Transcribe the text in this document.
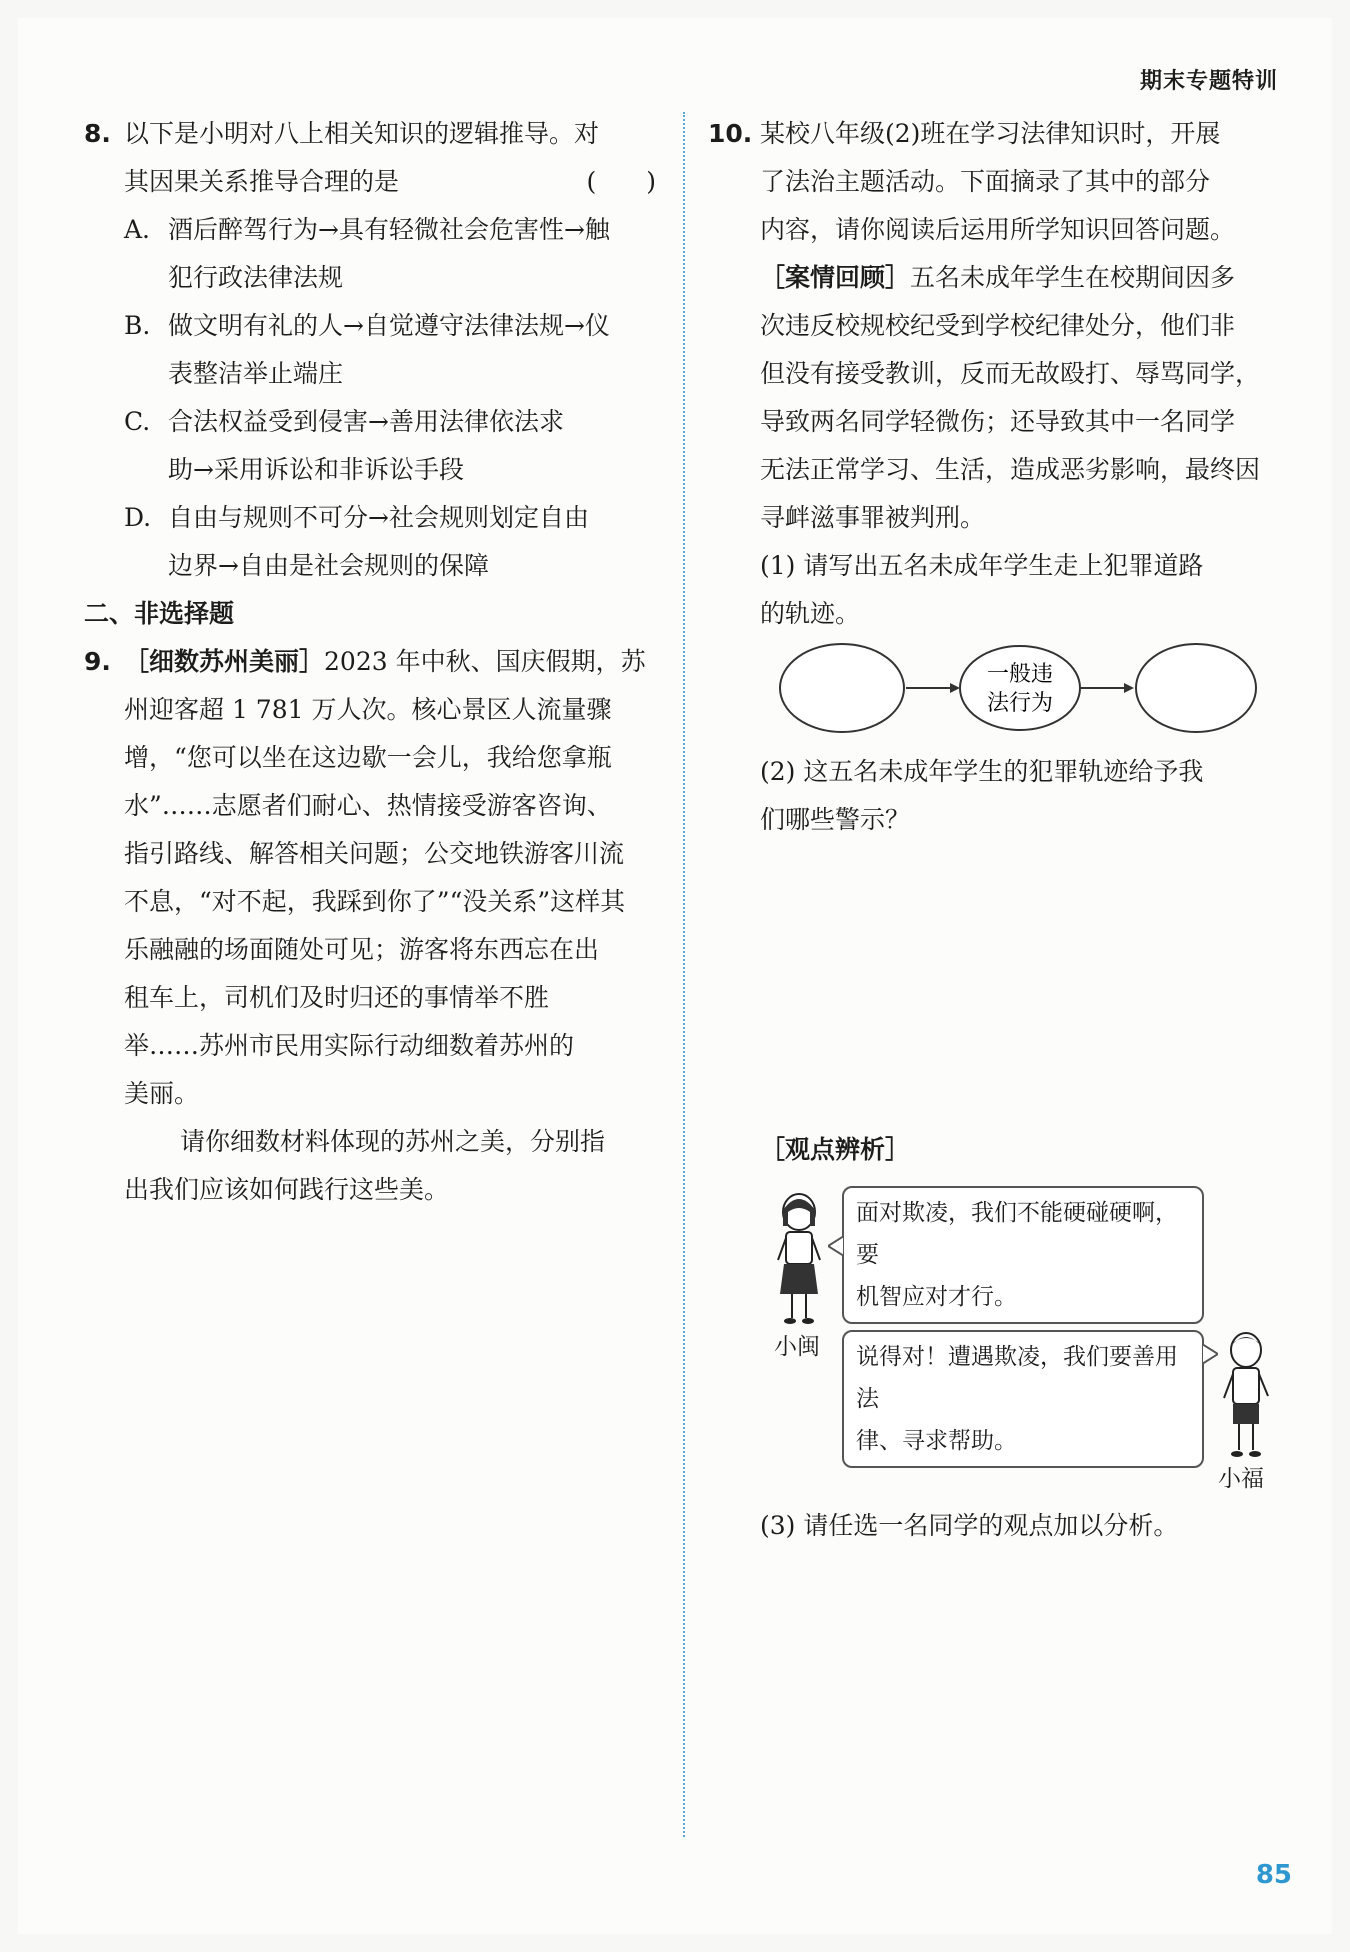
期末专题特训
8. 以下是小明对八上相关知识的逻辑推导。对
其因果关系推导合理的是	(　　)
A. 酒后醉驾行为→具有轻微社会危害性→触
犯行政法律法规
B. 做文明有礼的人→自觉遵守法律法规→仪
表整洁举止端庄
C. 合法权益受到侵害→善用法律依法求
助→采用诉讼和非诉讼手段
D. 自由与规则不可分→社会规则划定自由
边界→自由是社会规则的保障
二、非选择题
9. ［细数苏州美丽］ 2023 年中秋、国庆假期，苏
州迎客超 1 781 万人次。核心景区人流量骤
增，“您可以坐在这边歇一会儿，我给您拿瓶
水”……志愿者们耐心、热情接受游客咨询、
指引路线、解答相关问题；公交地铁游客川流
不息，“对不起，我踩到你了”“没关系”这样其
乐融融的场面随处可见；游客将东西忘在出
租车上，司机们及时归还的事情举不胜
举……苏州市民用实际行动细数着苏州的
美丽。
请你细数材料体现的苏州之美，分别指
出我们应该如何践行这些美。
10. 某校八年级(2)班在学习法律知识时，开展
了法治主题活动。下面摘录了其中的部分
内容，请你阅读后运用所学知识回答问题。
［案情回顾］ 五名未成年学生在校期间因多
次违反校规校纪受到学校纪律处分，他们非
但没有接受教训，反而无故殴打、辱骂同学，
导致两名同学轻微伤；还导致其中一名同学
无法正常学习、生活，造成恶劣影响，最终因
寻衅滋事罪被判刑。
(1) 请写出五名未成年学生走上犯罪道路
的轨迹。
一般违
法行为
(2) 这五名未成年学生的犯罪轨迹给予我
们哪些警示？
［观点辨析］
小闽
面对欺凌，我们不能硬碰硬啊，要
机智应对才行。
说得对！遭遇欺凌，我们要善用法
律、寻求帮助。
小福
(3) 请任选一名同学的观点加以分析。
85
